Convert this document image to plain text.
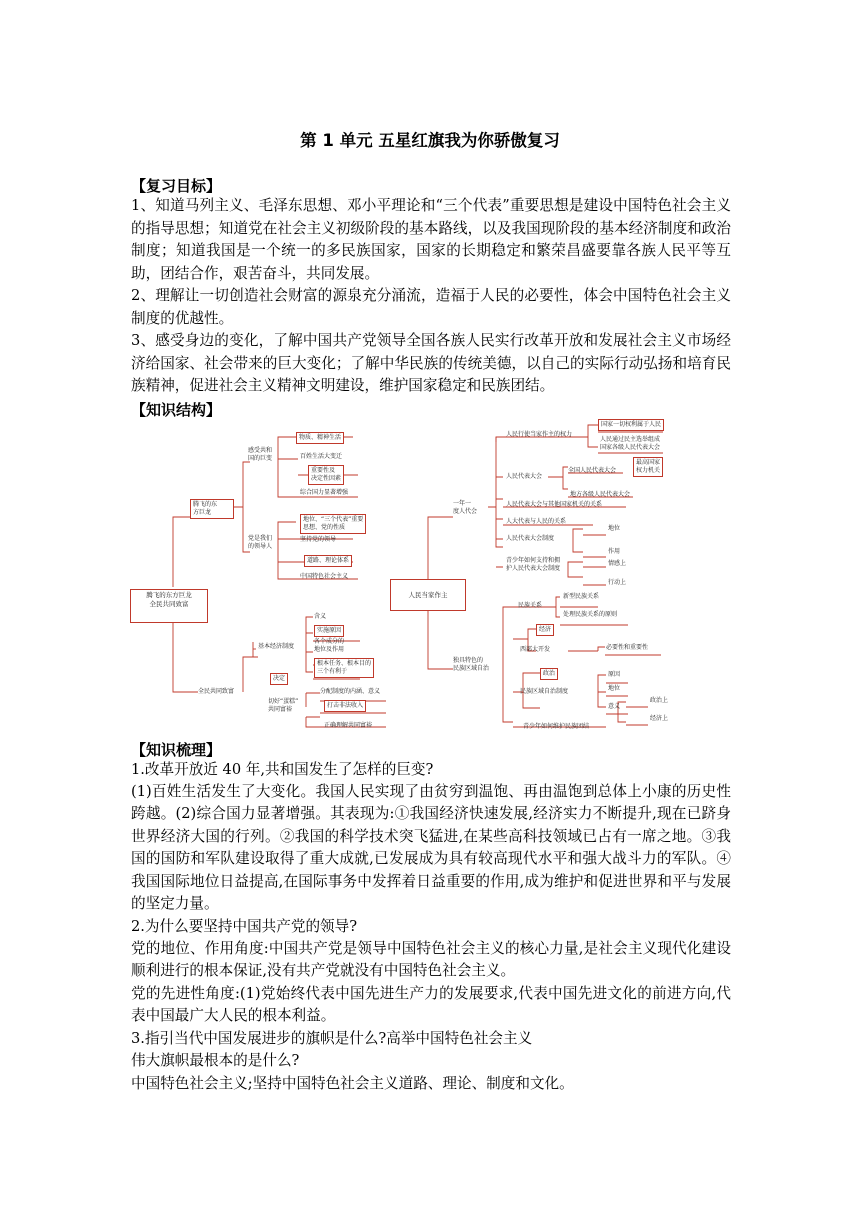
第 1 单元 五星红旗我为你骄傲复习
【复习目标】

1、知道马列主义、毛泽东思想、邓小平理论和“三个代表”重要思想是建设中国特色社会主义的指导思想；知道党在社会主义初级阶段的基本路线，以及我国现阶段的基本经济制度和政治制度；知道我国是一个统一的多民族国家，国家的长期稳定和繁荣昌盛要靠各族人民平等互助，团结合作，艰苦奋斗，共同发展。

2、理解让一切创造社会财富的源泉充分涌流，造福于人民的必要性，体会中国特色社会主义制度的优越性。

3、感受身边的变化，了解中国共产党领导全国各族人民实行改革开放和发展社会主义市场经济给国家、社会带来的巨大变化；了解中华民族的传统美德，以自己的实际行动弘扬和培育民族精神，促进社会主义精神文明建设，维护国家稳定和民族团结。

【知识结构】
腾飞的东方巨龙
全民共同致富
腾飞的东
方巨龙
感受共和
国的巨变
物质、精神生活
百姓生活大变迁
重要性及
决定性因素
综合国力显著增强
党是我们
的领导人
地位、“三个代表”重要
思想、党的性质
坚持党的领导
道路、理论体系
中国特色社会主义
全民共同致富
基本经济制度
含义
实施原因
各个成分的
地位及作用
根本任务、根本目的
三个有利于
决定
分配制度的内涵、意义
打击非法收入
切好“蛋糕”
共同富裕
正确理解共同富裕
人民当家作主
一年一
度人代会
人民行使当家作主的权力
国家一切权利属于人民
人民通过民主选举组成
国家各级人民代表大会
人民代表大会
全国人民代表大会
最高国家
权力机关
地方各级人民代表大会
人民代表大会与其他国家机关的关系
人大代表与人民的关系
人民代表大会制度
地位
作用
青少年如何支持和拥
护人民代表大会制度
情感上
行动上
独具特色的
民族区域自治
民族关系
新型民族关系
处理民族关系的原则
经济
西部大开发	必要性和重要性
政治
民族区域自治制度
原因
地位
意义
政治上
经济上
青少年如何维护民族团结
【知识梳理】

1.改革开放近 40 年,共和国发生了怎样的巨变?

(1)百姓生活发生了大变化。我国人民实现了由贫穷到温饱、再由温饱到总体上小康的历史性跨越。(2)综合国力显著增强。其表现为:①我国经济快速发展,经济实力不断提升,现在已跻身世界经济大国的行列。②我国的科学技术突飞猛进,在某些高科技领域已占有一席之地。③我国的国防和军队建设取得了重大成就,已发展成为具有较高现代水平和强大战斗力的军队。④我国国际地位日益提高,在国际事务中发挥着日益重要的作用,成为维护和促进世界和平与发展的坚定力量。

2.为什么要坚持中国共产党的领导?

党的地位、作用角度:中国共产党是领导中国特色社会主义的核心力量,是社会主义现代化建设顺利进行的根本保证,没有共产党就没有中国特色社会主义。

党的先进性角度:(1)党始终代表中国先进生产力的发展要求,代表中国先进文化的前进方向,代表中国最广大人民的根本利益。

3.指引当代中国发展进步的旗帜是什么?高举中国特色社会主义

伟大旗帜最根本的是什么?

中国特色社会主义;坚持中国特色社会主义道路、理论、制度和文化。
